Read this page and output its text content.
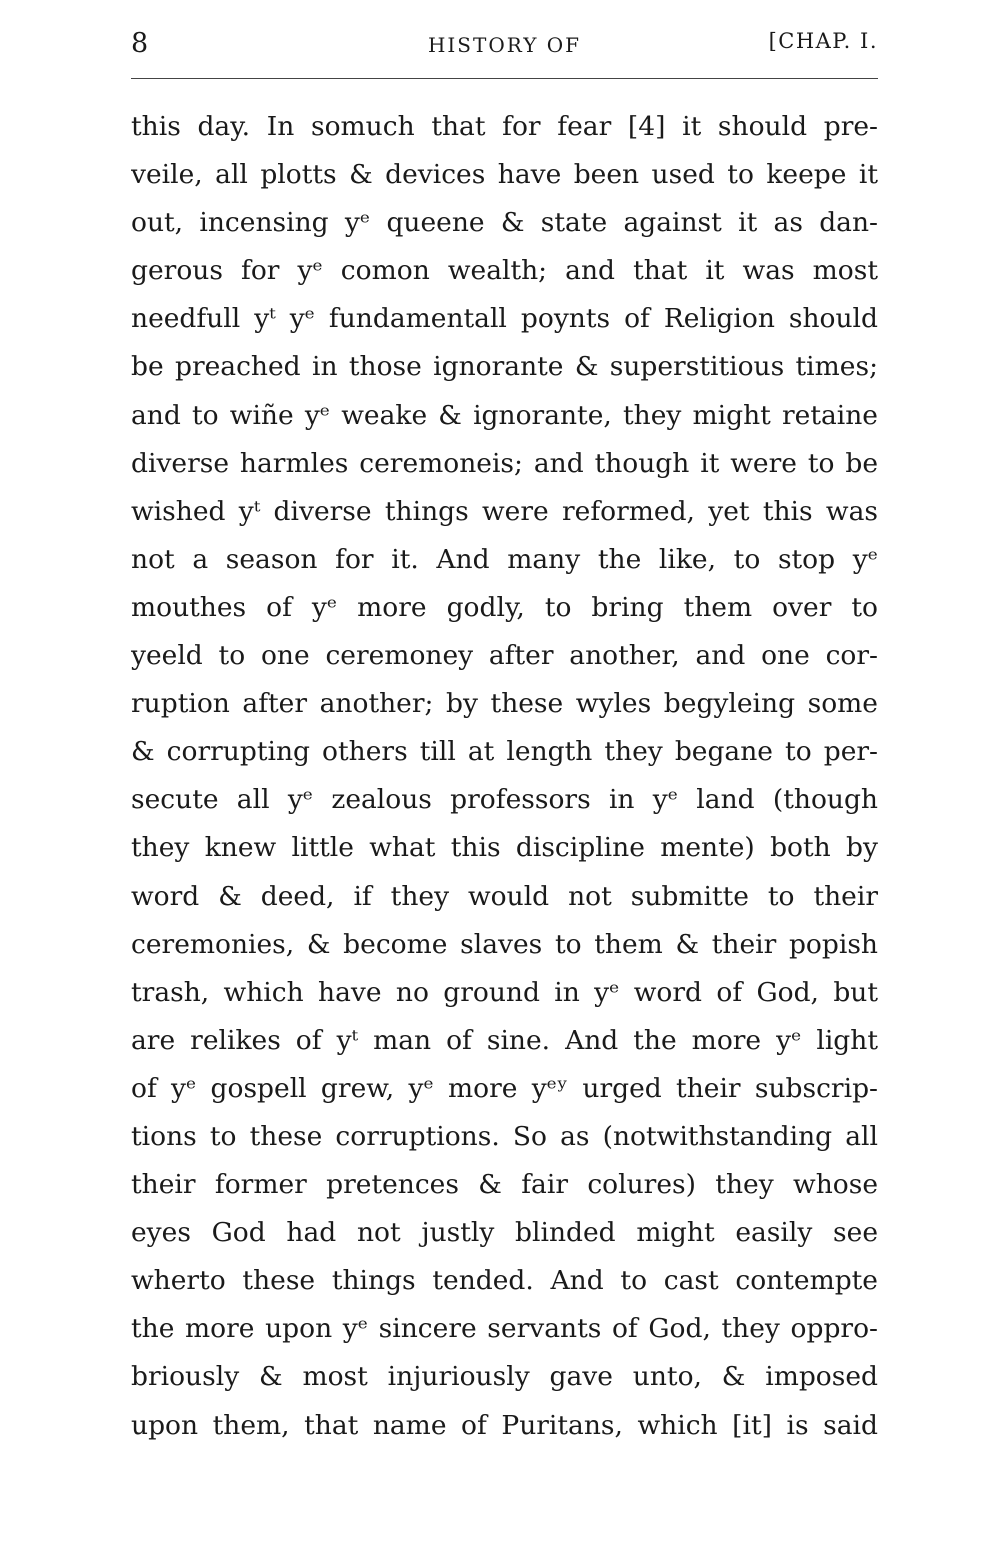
8	HISTORY OF	[CHAP. I.
this day. In somuch that for fear [4] it should pre-
veile, all plotts & devices have been used to keepe it
out, incensing yᵉ queene & state against it as dan-
gerous for yᵉ comon wealth; and that it was most
needfull yᵗ yᵉ fundamentall poynts of Religion should
be preached in those ignorante & superstitious times;
and to wiñe yᵉ weake & ignorante, they might retaine
diverse harmles ceremoneis; and though it were to be
wished yᵗ diverse things were reformed, yet this was
not a season for it. And many the like, to stop yᵉ
mouthes of yᵉ more godly, to bring them over to
yeeld to one ceremoney after another, and one cor-
ruption after another; by these wyles begyleing some
& corrupting others till at length they begane to per-
secute all yᵉ zealous professors in yᵉ land (though
they knew little what this discipline mente) both by
word & deed, if they would not submitte to their
ceremonies, & become slaves to them & their popish
trash, which have no ground in yᵉ word of God, but
are relikes of yᵗ man of sine. And the more yᵉ light
of yᵉ gospell grew, yᵉ more yᵉʸ urged their subscrip-
tions to these corruptions. So as (notwithstanding all
their former pretences & fair colures) they whose
eyes God had not justly blinded might easily see
wherto these things tended. And to cast contempte
the more upon yᵉ sincere servants of God, they oppro-
briously & most injuriously gave unto, & imposed
upon them, that name of Puritans, which [it] is said
